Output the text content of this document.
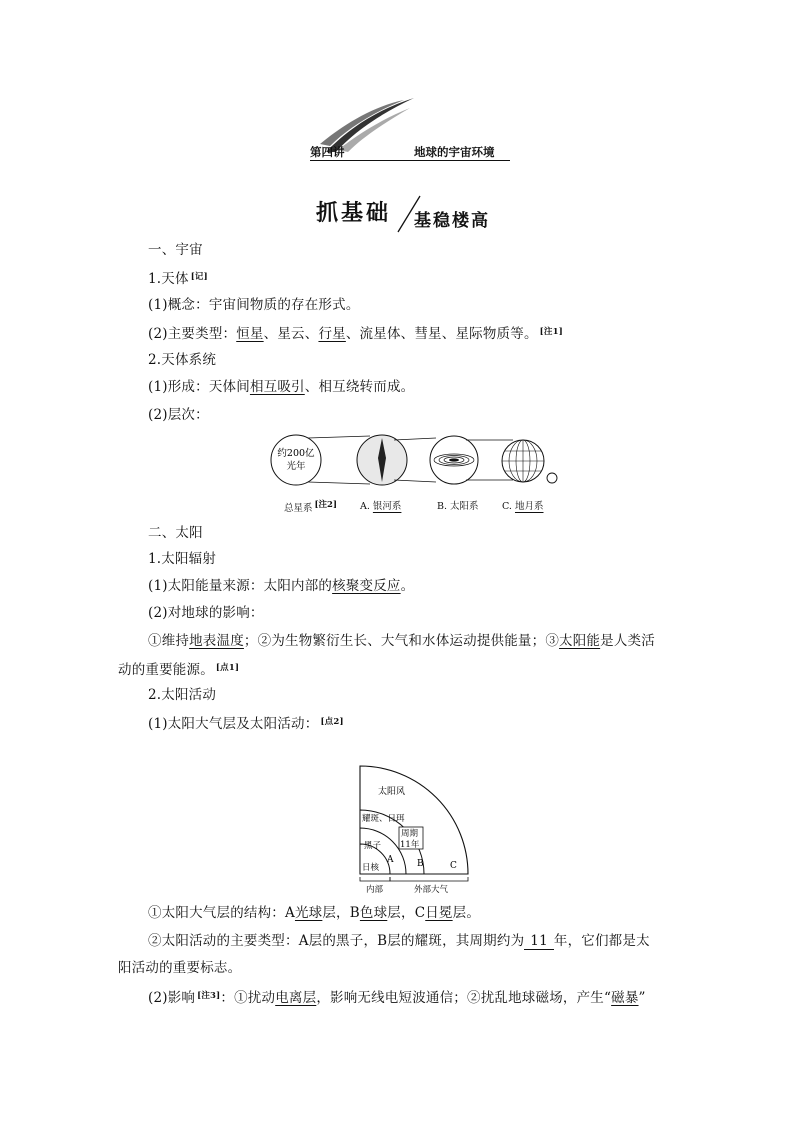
第四讲	地球的宇宙环境
抓基础 基稳楼高
一、宇宙
1.天体 [记]
(1)概念：宇宙间物质的存在形式。
(2)主要类型：恒星、星云、行星、流星体、彗星、星际物质等。 [注1]
2.天体系统
(1)形成：天体间相互吸引、相互绕转而成。
(2)层次：
约200亿
光年
总星系 [注2] A. 银河系	B. 太阳系 C. 地月系
二、太阳
1.太阳辐射
(1)太阳能量来源：太阳内部的核聚变反应。
(2)对地球的影响：
①维持地表温度；②为生物繁衍生长、大气和水体运动提供能量；③太阳能是人类活
动的重要能源。 [点1]
2.太阳活动
(1)太阳大气层及太阳活动： [点2]
太阳风
耀斑、日珥
周期
11年
黑子
A	B	C
日核
内部	外部大气
①太阳大气层的结构：A光球层，B色球层，C日冕层。
②太阳活动的主要类型：A层的黑子，B层的耀斑，其周期约为 11 年，它们都是太
阳活动的重要标志。
(2)影响 [注3]：①扰动电离层，影响无线电短波通信；②扰乱地球磁场，产生“磁暴”
